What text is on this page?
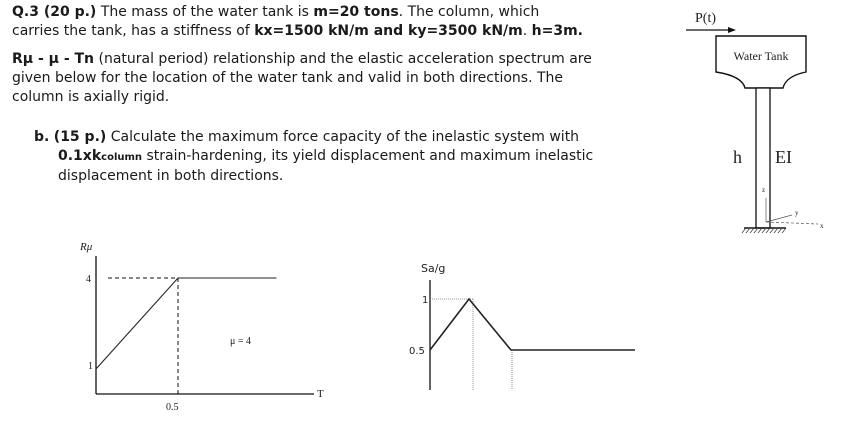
Q.3 (20 p.) The mass of the water tank is m=20 tons. The column, which
carries the tank, has a stiffness of kx=1500 kN/m and ky=3500 kN/m. h=3m.
Rμ - μ - Tn (natural period) relationship and the elastic acceleration spectrum are
given below for the location of the water tank and valid in both directions. The
column is axially rigid.
b. (15 p.) Calculate the maximum force capacity of the inelastic system with
0.1xkcolumn strain-hardening, its yield displacement and maximum inelastic
displacement in both directions.
P(t)
Water Tank
h EI
z
y
x
Rμ
T
4
1
0.5
μ = 4
Sa/g
1
0.5
